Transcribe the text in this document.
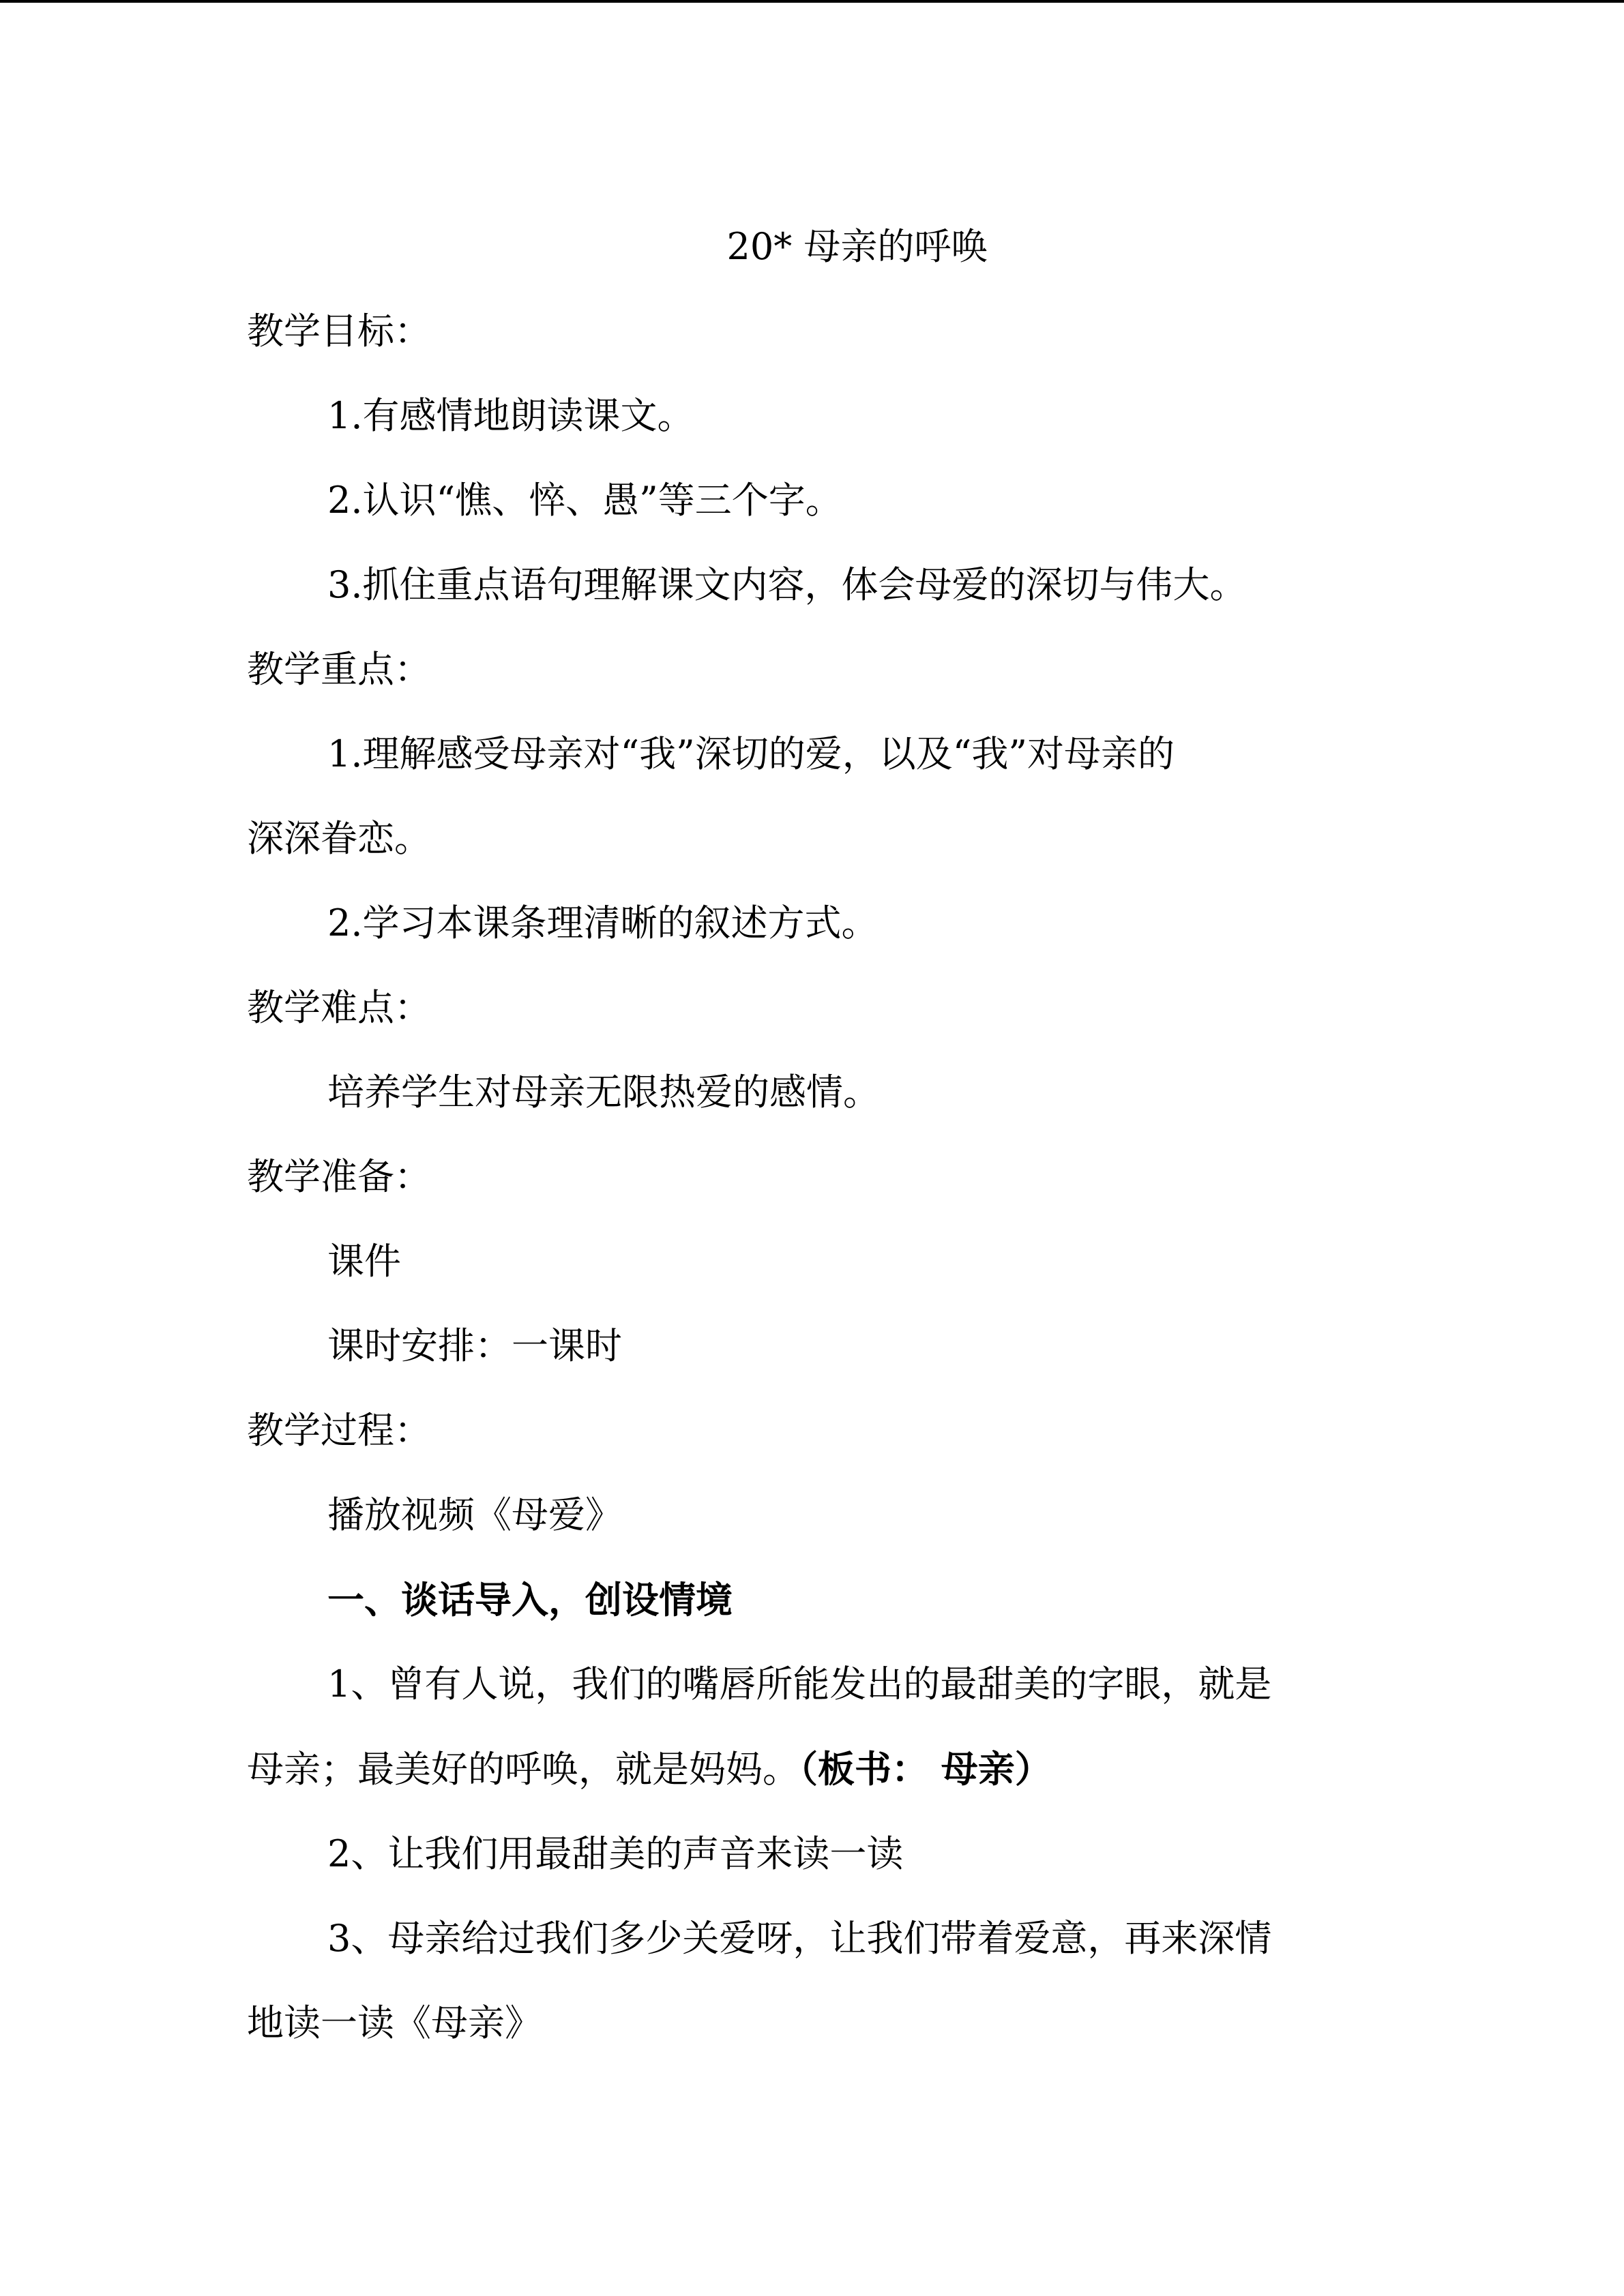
20* 母亲的呼唤

教学目标：

1.有感情地朗读课文。

2.认识“憔、悴、愚”等三个字。

3.抓住重点语句理解课文内容，体会母爱的深切与伟大。

教学重点：

1.理解感受母亲对“我”深切的爱，以及“我”对母亲的

深深眷恋。

2.学习本课条理清晰的叙述方式。

教学难点：

培养学生对母亲无限热爱的感情。

教学准备：

课件

课时安排：一课时

教学过程：

播放视频《母爱》

一、谈话导入，创设情境

1、曾有人说，我们的嘴唇所能发出的最甜美的字眼，就是

母亲；最美好的呼唤，就是妈妈。（板书： 母亲）

2、让我们用最甜美的声音来读一读

3、母亲给过我们多少关爱呀，让我们带着爱意，再来深情

地读一读《母亲》
